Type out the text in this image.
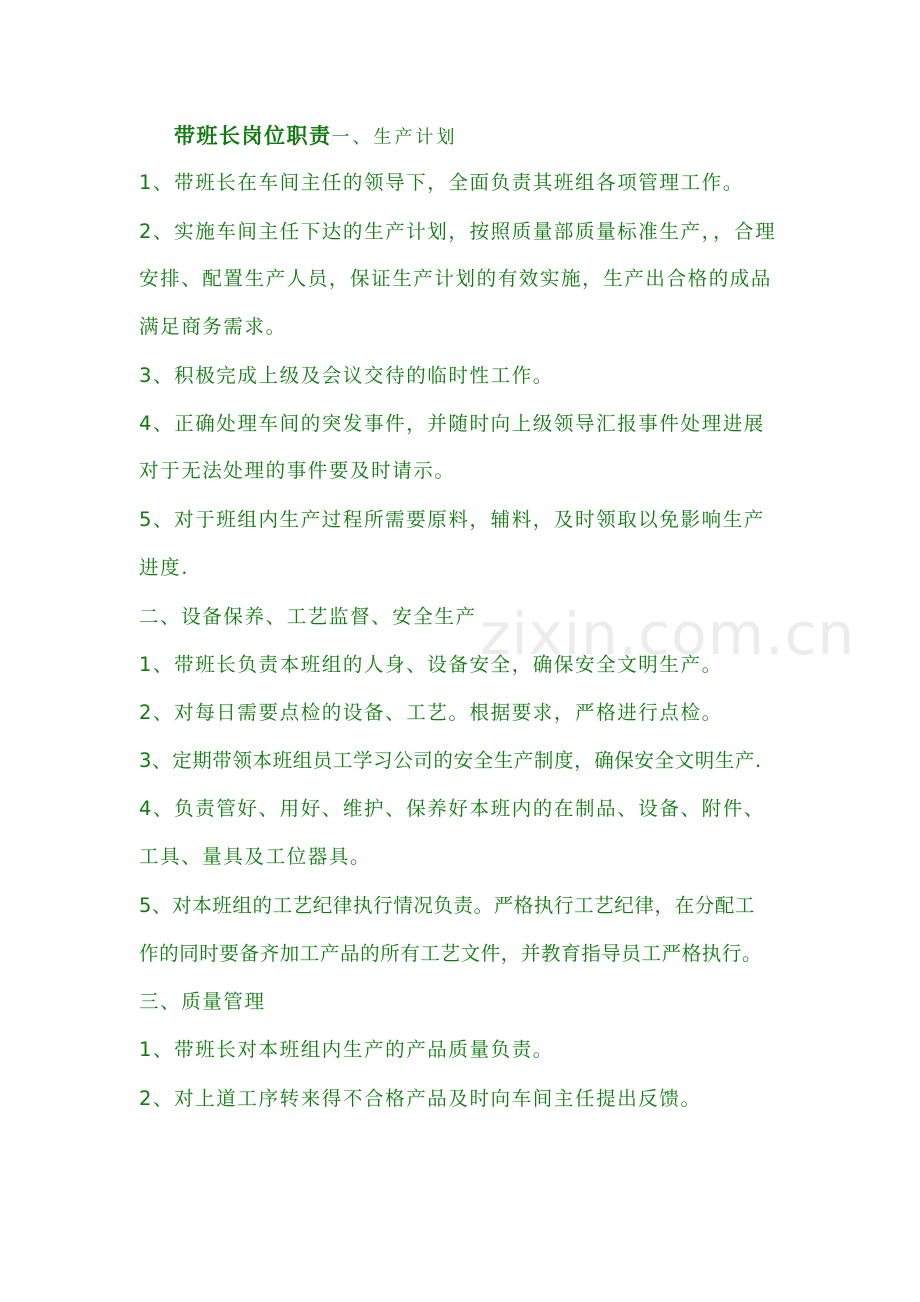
带班长岗位职责一、生产计划
1、带班长在车间主任的领导下，全面负责其班组各项管理工作。
2、实施车间主任下达的生产计划，按照质量部质量标准生产，，合理
安排、配置生产人员，保证生产计划的有效实施，生产出合格的成品
满足商务需求。
3、积极完成上级及会议交待的临时性工作。
4、正确处理车间的突发事件，并随时向上级领导汇报事件处理进展
对于无法处理的事件要及时请示。
5、对于班组内生产过程所需要原料，辅料，及时领取以免影响生产
进度.
二、设备保养、工艺监督、安全生产
1、带班长负责本班组的人身、设备安全，确保安全文明生产。
2、对每日需要点检的设备、工艺。根据要求，严格进行点检。
3、定期带领本班组员工学习公司的安全生产制度，确保安全文明生产.
4、负责管好、用好、维护、保养好本班内的在制品、设备、附件、
工具、量具及工位器具。
5、对本班组的工艺纪律执行情况负责。严格执行工艺纪律，在分配工
作的同时要备齐加工产品的所有工艺文件，并教育指导员工严格执行。
三、质量管理
1、带班长对本班组内生产的产品质量负责。
2、对上道工序转来得不合格产品及时向车间主任提出反馈。
zixin.com.cn
